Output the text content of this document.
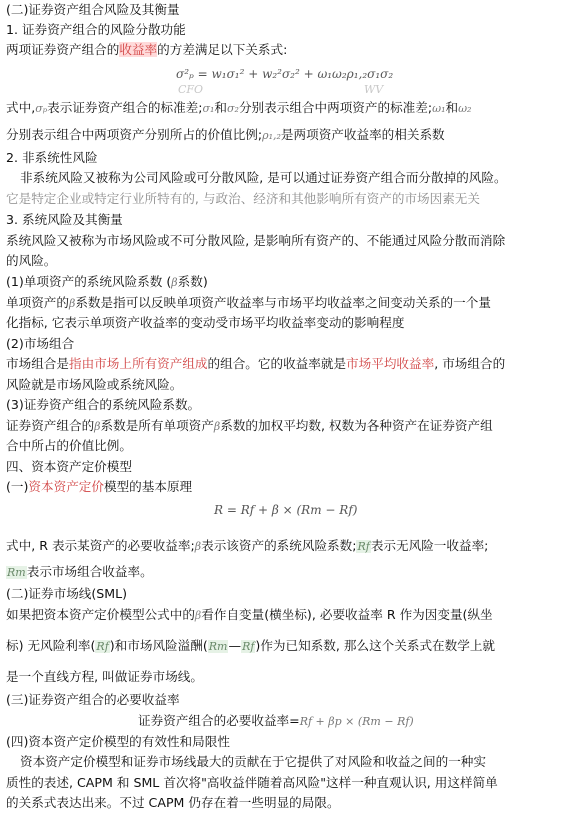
(二)证券资产组合风险及其衡量
1. 证券资产组合的风险分散功能
两项证券资产组合的收益率的方差满足以下关系式:
σ²ₚ = w₁σ₁² + w₂²σ₂² + ω₁ω₂ρ₁,₂σ₁σ₂
CFO	WV
式中,σₚ表示证券资产组合的标准差;σ₁和σ₂分别表示组合中两项资产的标准差;ω₁和ω₂
分别表示组合中两项资产分别所占的价值比例;ρ₁,₂是两项资产收益率的相关系数
2. 非系统性风险
非系统风险又被称为公司风险或可分散风险, 是可以通过证券资产组合而分散掉的风险。
它是特定企业或特定行业所特有的, 与政治、经济和其他影响所有资产的市场因素无关
3. 系统风险及其衡量
系统风险又被称为市场风险或不可分散风险, 是影响所有资产的、不能通过风险分散而消除
的风险。
(1)单项资产的系统风险系数 (β系数)
单项资产的β系数是指可以反映单项资产收益率与市场平均收益率之间变动关系的一个量
化指标, 它表示单项资产收益率的变动受市场平均收益率变动的影响程度
(2)市场组合
市场组合是指由市场上所有资产组成的组合。它的收益率就是市场平均收益率, 市场组合的
风险就是市场风险或系统风险。
(3)证券资产组合的系统风险系数。
证券资产组合的β系数是所有单项资产β系数的加权平均数, 权数为各种资产在证券资产组
合中所占的价值比例。
四、资本资产定价模型
(一)资本资产定价模型的基本原理
R = Rf + β × (Rm − Rf)
式中, R 表示某资产的必要收益率;β表示该资产的系统风险系数;Rf表示无风险一收益率;
Rm表示市场组合收益率。
(二)证券市场线(SML)
如果把资本资产定价模型公式中的β看作自变量(横坐标), 必要收益率 R 作为因变量(纵坐
标) 无风险利率(Rf)和市场风险溢酬(Rm—Rf)作为已知系数, 那么这个关系式在数学上就
是一个直线方程, 叫做证券市场线。
(三)证券资产组合的必要收益率
证券资产组合的必要收益率=Rf + βp × (Rm − Rf)
(四)资本资产定价模型的有效性和局限性
资本资产定价模型和证券市场线最大的贡献在于它提供了对风险和收益之间的一种实
质性的表述, CAPM 和 SML 首次将"高收益伴随着高风险"这样一种直观认识, 用这样简单
的关系式表达出来。不过 CAPM 仍存在着一些明显的局限。
